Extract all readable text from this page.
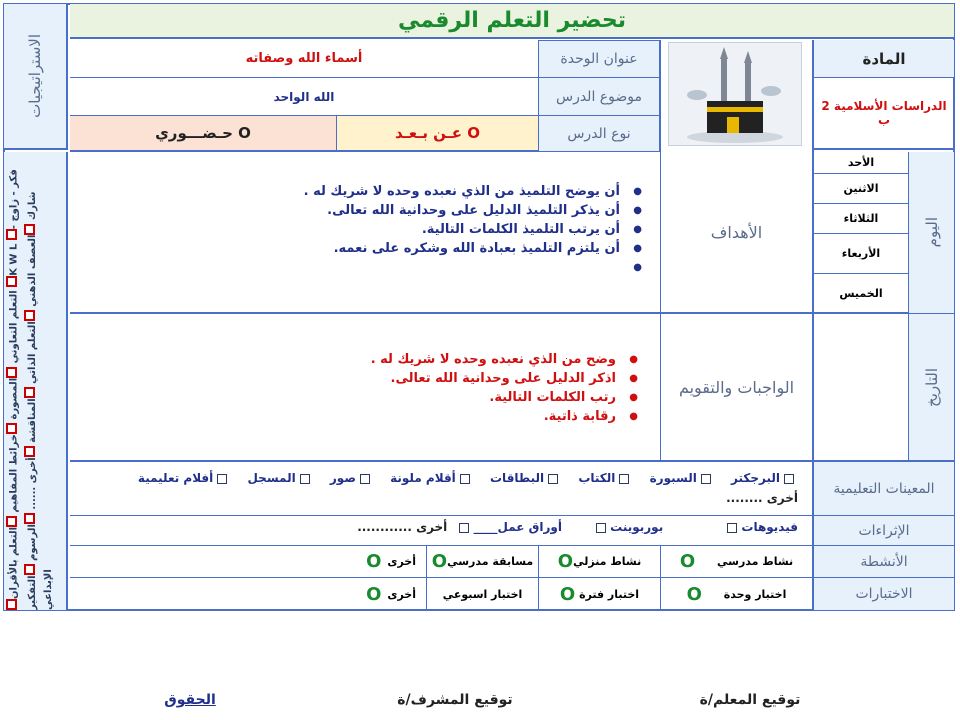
تحضير التعلم الرقمي
الاستراتيجيات
التعلم التعاوني المصورة خرائط المفاهيم التعلم بالأقران K W L فكر - زاوج - شارك العصف الذهني التعلم الذاتي المناقشة أخرى ...... الرسوم التفكير الإبداعي
المادة
الدراسات الأسلامية 2 ب
عنوان الوحدة
أسماء الله وصفاته
موضوع الدرس
الله الواحد
نوع الدرس
عـن بـعـد O
حـضـــوري O
اليوم
الأحد
الاثنين
الثلاثاء
الأربعاء
الخميس
التاريخ
الأهداف
● أن يوضح التلميذ من الذي نعبده وحده لا شريك له .
● أن يذكر التلميذ الدليل على وحدانية الله تعالى.
● أن يرتب التلميذ الكلمات التالية.
● أن يلتزم التلميذ بعبادة الله وشكره على نعمه.
الواجبات والتقويم
● وضح من الذي نعبده وحده لا شريك له .
● اذكر الدليل على وحدانية الله تعالى.
● رتب الكلمات التالية.
● رقابة ذاتية.
المعينات التعليمية
البرجكتر السبورة الكتاب البطاقات أقلام ملونة صور المسجل أفلام تعليمية
أخرى ........
الإثراءات
فيديوهات بوربوينت أوراق عمل____ أخرى ............
الأنشطة
نشاط مدرسي

O
نشاط منزلي
O
مسابقة مدرسي
O
أخرى
O
الاختبارات
اختبار وحدة

O
اختبار فترة

O
اختبار اسبوعي
أخرى
O
توقيع المعلم/ة
توقيع المشرف/ة
الحقوق
